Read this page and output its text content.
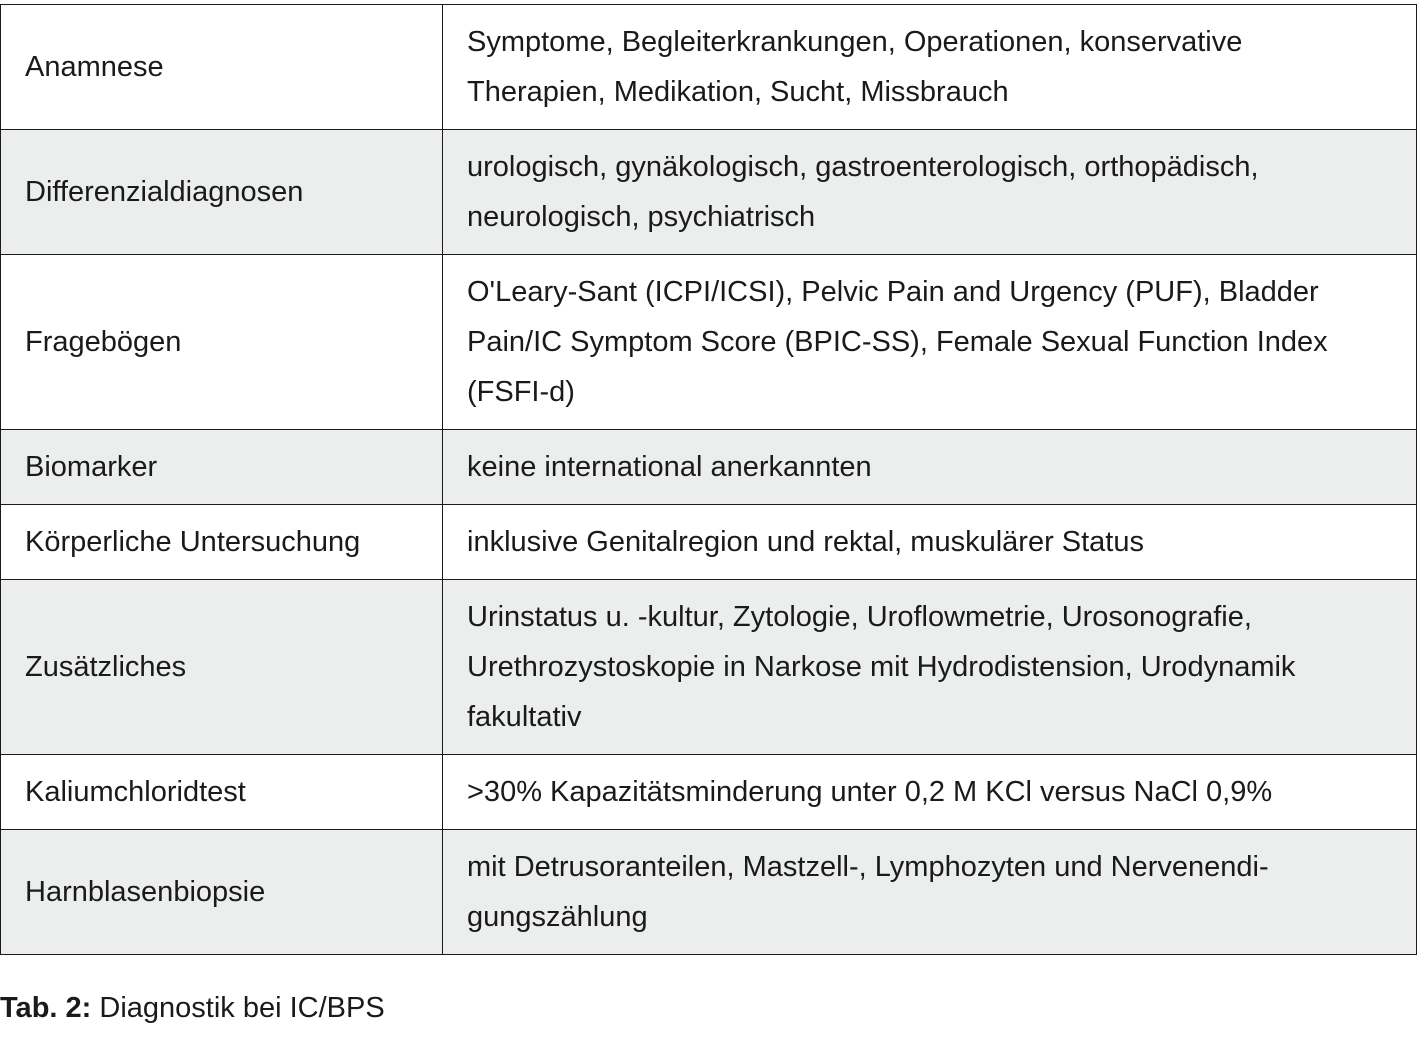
Anamnese	Symptome, Begleiterkrankungen, Operationen, konservative
Therapien, Medikation, Sucht, Missbrauch

Differenzialdiagnosen	urologisch, gynäkologisch, gastroenterologisch, orthopädisch,
neurologisch, psychiatrisch

Fragebögen	O'Leary-Sant (ICPI/ICSI), Pelvic Pain and Urgency (PUF), Bladder
Pain/IC Symptom Score (BPIC-SS), Female Sexual Function Index
(FSFI-d)

Biomarker	keine international anerkannten

Körperliche Untersuchung	inklusive Genitalregion und rektal, muskulärer Status

Zusätzliches	Urinstatus u. -kultur, Zytologie, Uroflowmetrie, Urosonografie,
Urethrozystoskopie in Narkose mit Hydrodistension, Urodynamik
fakultativ

Kaliumchloridtest	>30% Kapazitätsminderung unter 0,2 M KCl versus NaCl 0,9%

Harnblasenbiopsie	mit Detrusoranteilen, Mastzell-, Lymphozyten und Nervenendi-
gungszählung
Tab. 2: Diagnostik bei IC/BPS
